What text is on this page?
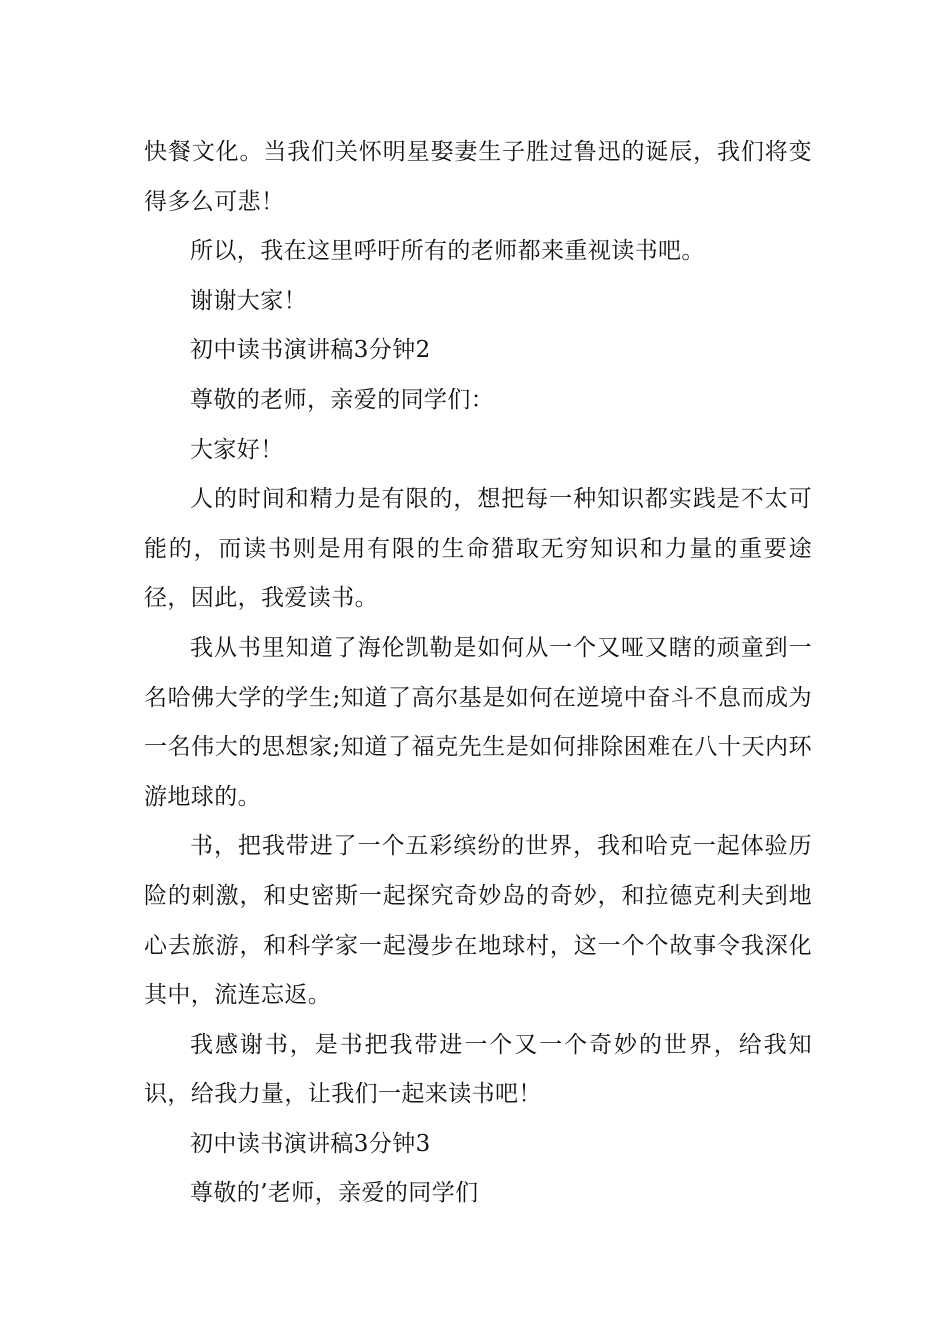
快餐文化。当我们关怀明星娶妻生子胜过鲁迅的诞辰，我们将变得多么可悲！

所以，我在这里呼吁所有的老师都来重视读书吧。

谢谢大家！

初中读书演讲稿3分钟2

尊敬的老师，亲爱的同学们：

大家好！

人的时间和精力是有限的，想把每一种知识都实践是不太可能的，而读书则是用有限的生命猎取无穷知识和力量的重要途径，因此，我爱读书。

我从书里知道了海伦凯勒是如何从一个又哑又瞎的顽童到一名哈佛大学的学生;知道了高尔基是如何在逆境中奋斗不息而成为一名伟大的思想家;知道了福克先生是如何排除困难在八十天内环游地球的。

书，把我带进了一个五彩缤纷的世界，我和哈克一起体验历险的刺激，和史密斯一起探究奇妙岛的奇妙，和拉德克利夫到地心去旅游，和科学家一起漫步在地球村，这一个个故事令我深化其中，流连忘返。

我感谢书，是书把我带进一个又一个奇妙的世界，给我知识，给我力量，让我们一起来读书吧！

初中读书演讲稿3分钟3

尊敬的’老师，亲爱的同学们
